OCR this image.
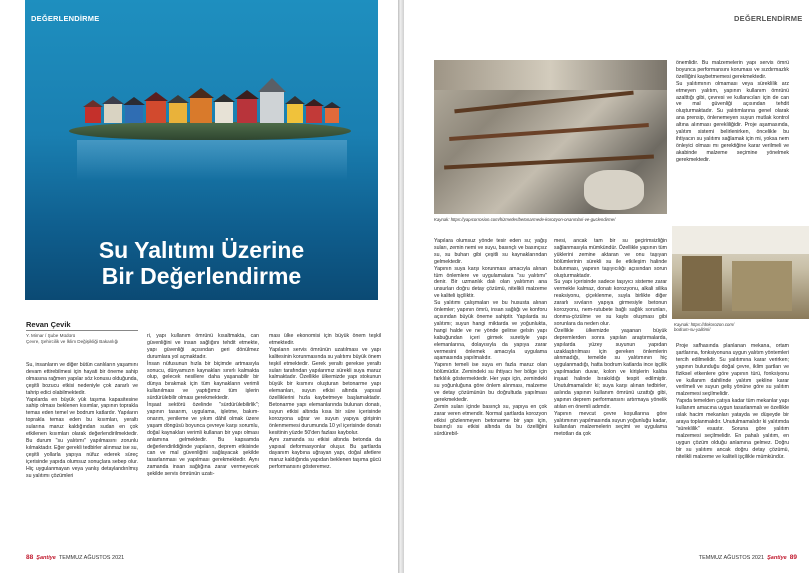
DEĞERLENDİRME
Su Yalıtımı Üzerine
Bir Değerlendirme
Revan Çevik
Y. Mimar / Şube Müdürü
Çevre, Şehircilik ve İklim Değişikliği Bakanlığı
Su, insanların ve diğer bütün canlıların yaşamını devam ettirebilmesi için hayati bir öneme sahip olmasına rağmen yapılar söz konusu olduğunda, çeşitli bozucu etkisi nedeniyle çok zararlı ve tahrip edici olabilmektedir.
Yapılarda en büyük yük taşıma kapasitesine sahip olması beklenen kısımlar, yapının topraklа temas eden temel ve bodrum katlardır. Yapıların toprakla temas eden bu kısımları, yeraltı sularına maruz kaldığından sudan en çok etkilenen kısımları olarak değerlendirilmektedir. Bu durum "su yalıtımı" yapılmasını zorunlu kılmaktadır. Eğer gerekli tedbirler alınmaz ise su, çeşitli yollarla yapıya nüfuz ederek süreç içerisinde yapıda olumsuz sonuçlara sebep olur. Hiç uygulanmayan veya yanlış detaylandırılmış su yalıtımı çözümleri
ri, yapı kullanım ömrünü kısaltmakta, can güvenliğini ve insan sağlığını tehdit etmekte, yapı güvenliği açısından geri dönülmez durumlara yol açmaktadır.
İnsan nüfusunun hızla bir biçimde artmasıyla sonucu, dünyamızın kaynakları sınırlı kalmakta olup, gelecek nesillere daha yaşanabilir bir dünya bırakmak için tüm kaynakların verimli kullanılması ve yaptığımız tüm işlerin sürdürülebilir olması gerekmektedir.
İnşaat sektörü özelinde "sürdürülebilirlik"; yapının tasarım, uygulama, işletme, bakım-onarım, yenileme ve yıkım dâhil olmak üzere yaşam döngüsü boyunca çevreye karşı sorumlu, doğal kaynakları verimli kullanan bir yapı olması anlamına gelmektedir. Bu kapsamda değerlendirildiğinde yapıların, deprem etkisinde can ve mal güvenliğini sağlayacak şekilde tasarlanması ve yapılması gerekmektedir. Aynı zamanda insan sağlığına zarar vermeyecek şekilde servis ömrünün uzatı-
ması ülke ekonomisi için büyük önem teşkil etmektedir.
Yapıların servis ömrünün uzatılması ve yapı kalitesinin korunmasında su yalıtımı büyük önem teşkil etmektedir. Gerek yeraltı gerekse yeraltı suları tarafından yapılarımız sürekli suya maruz kalmaktadır. Özellikle ülkemizde yapı stokunun büyük bir kısmını oluşturan betonarme yapı elemanları, suyun etkisi altında yapısal özelliklerini hızla kaybetmeye başlamaktadır. Betonarme yapı elemanlarında bulunan donatı, suyun etkisi altında kısa bir süre içerisinde korozyona uğrar ve suyun yapıya girişinin önlenmemesi durumunda 10 yıl içerisinde donatı kesitinin yüzde 50'den fazlası kaybolur.
Aynı zamanda su etkisi altında betonda da yapısal deformasyonlar oluşur. Bu şartlarda dayanım kaybına uğrayan yapı, doğal afetlere maruz kaldığında yapıdan beklenen taşıma gücü performansını gösteremez.
88 Şantiye TEMMUZ AĞUSTOS 2021
DEĞERLENDİRME
Kaynak: https://yapıcorrosion.com/hizmetler/betonarmede-korozyon-onarımlari-ve-guclendirme/
önemlidir. Bu malzemelerin yapı servis ömrü boyunca performansını koruması ve sızdırmazlık özelliğini kaybetmemesi gerekmektedir.
Su yalıtımının olmaması veya süreklilik arz etmeyen yalıtım, yapının kullanım ömrünü azalttığı gibi, çevresi ve kullanıcıları için de can ve mal güvenliği açısından tehdit oluşturmaktadır. Su yalıtımlarına genel olarak ana prensip, önlenemeyen suyun mutlak kontrol altına alınması gerekliliğidir. Proje aşamasında, yalıtım sistemi belirlenirken, öncelikle bu ihtiyacın su yalıtımı sağlamak için mi, yoksa nem önleyici olması mı gerektiğine karar verilmeli ve akabinde malzeme seçimine yönelmek gerekmektedir.
Kaynak: https://dnkorozon.com/
bodrum-su-yalitimi/
Yapılara olumsuz yönde tesir eden su; yağış suları, zemin nemi ve suyu, basınçlı ve basınçsız su, su buharı gibi çeşitli su kaynaklarından gelmektedir.
Yapının suya karşı korunması amacıyla alınan tüm önlemlere ve uygulamalara "su yalıtımı" denir. Bir uzmanlık dalı olan yalıtımın ana unsurları doğru detay çözümü, nitelikli malzeme ve kaliteli işçiliktir.
Su yalıtımı çalışmaları ve bu hususta alınan önlemler; yapının ömrü, insan sağlığı ve konforu açısından büyük öneme sahiptir. Yapılarda su yalıtımı; suyun hangi miktarda ve yoğunlukta, hangi halde ve ne yönde gelirse gelsin yapı kabuğundan içeri girmek suretiyle yapı elemanlarına, dolayısıyla da yapıya zarar vermesini önlemek amacıyla uygulama aşamasında yapılmalıdır.
Yapının temeli ise suya en fazla maruz olan bölümüdür. Zemindeki su ihtiyacı her bölge için farklılık göstermektedir. Her yapı için, zemindeki su yoğunluğuna göre önlem alınması, malzeme ve detay çözümünün bu doğrultuda yapılması gerekmektedir.
Zemin suları içinde basınçlı su, yapıya en çok zarar veren etmendir. Normal şartlarda korozyon etkisi gözlenmeyen betonarme bir yapı için, basınçlı su etkisi altında da bu özelliğini sürdürebil-
mesi, ancak tam bir su geçirimsizliğin sağlanmasıyla mümkündür. Özellikle yapının tüm yüklerini zemine aktaran ve onu taşıyan bölümlerinin sürekli su ile etkileşim halinde bulunması, yapının taşıyıcılığı açısından sorun oluşturmaktadır.
Su yapı içerisinde sadece taşıyıcı sisteme zarar vermekle kalmaz, donatı korozyonu, alkali silika reaksiyonu, çiçeklenme, suyla birlikte diğer zararlı sıvıların yapıya girmesiyle betonun korozyonu, nem-rutubete bağlı sağlık sorunları, donma-çözülme ve su kaybı oluşması gibi sorunlara da neden olur.
Özellikle ülkemizde yaşanan büyük depremlerden sonra yapılan araştırmalarda, yapılarda yüzey suyunun yapıdan uzaklaştırılması için gereken önlemlerin alınmadığı, temelde su yalıtımının hiç uygulanmadığı, hatta bodrum katlarda ince işçilik yapılmadan duvar, kolon ve kirişlerin kalıba inşaat halinde bırakıldığı tespit edilmiştir. Unutulmamalıdır ki; suya karşı alınan tedbirler, aslında yapının kullanım ömrünü uzattığı gibi, yapının deprem performansını artırmaya yönelik atılan en önemli adımdır.
Yapının mevcut çevre koşullarına göre yalıtımının yapılmasında suyun yoğunluğu kadar, kullanılan malzemelerin seçimi ve uygulama metotları da çok
Proje safhasında planlanan mekana, ortam şartlarına, fonksiyonuna uygun yalıtım yöntemleri tercih edilmelidir. Su yalıtımına karar verirken; yapının bulunduğu doğal çevre, iklim şartları ve fiziksel etkenlere göre yapının türü, fonksiyonu ve kullanım dahilinde yalıtım şekline karar verilmeli ve suyun geliş yönüne göre su yalıtım malzemesi seçilmelidir.
Yapıda temelden çatıya kadar tüm mekanlar yapı kullanım amacına uygun tasarlanmalı ve özellikle ıslak hacim mekanları yatayda ve düşeyde bir araya toplanmalıdır. Unutulmamalıdır ki yalıtımda "süreklilik" esastır. Soruna göre yalıtım malzemesi seçilmelidir. En pahalı yalıtım, en uygun çözüm olduğu anlamına gelmez. Doğru bir su yalıtımı ancak doğru detay çözümü, nitelikli malzeme ve kaliteli işçilikle mümkündür.
TEMMUZ AĞUSTOS 2021 Şantiye 89
